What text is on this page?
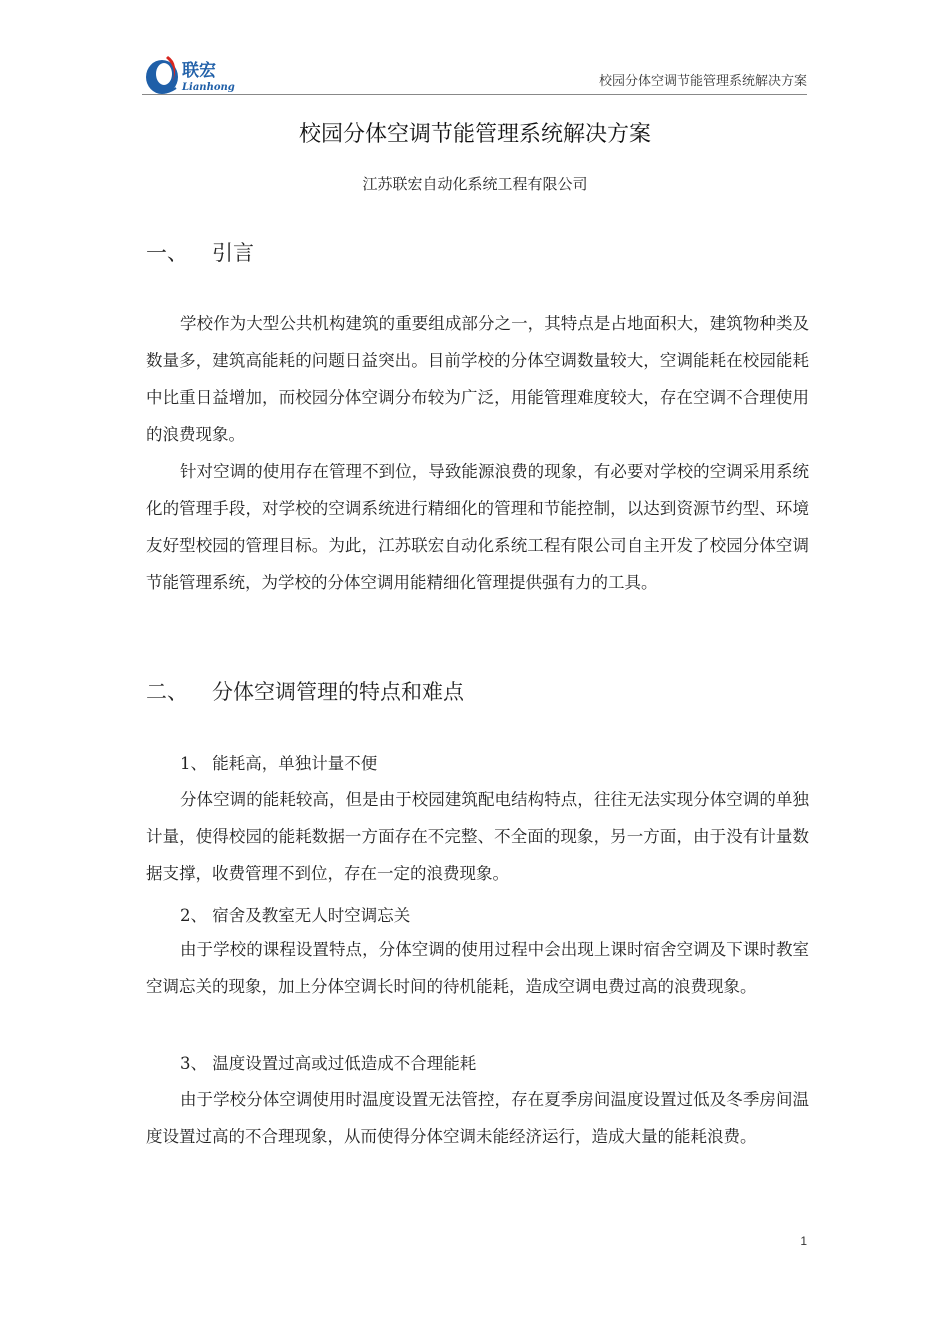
联宏
Lianhong	校园分体空调节能管理系统解决方案
校园分体空调节能管理系统解决方案
江苏联宏自动化系统工程有限公司
一、 引言

学校作为大型公共机构建筑的重要组成部分之一，其特点是占地面积大，建筑物种类及数量多，建筑高能耗的问题日益突出。目前学校的分体空调数量较大，空调能耗在校园能耗中比重日益增加，而校园分体空调分布较为广泛，用能管理难度较大，存在空调不合理使用的浪费现象。

针对空调的使用存在管理不到位，导致能源浪费的现象，有必要对学校的空调采用系统化的管理手段，对学校的空调系统进行精细化的管理和节能控制，以达到资源节约型、环境友好型校园的管理目标。为此，江苏联宏自动化系统工程有限公司自主开发了校园分体空调节能管理系统，为学校的分体空调用能精细化管理提供强有力的工具。

二、 分体空调管理的特点和难点
1、 能耗高，单独计量不便

分体空调的能耗较高，但是由于校园建筑配电结构特点，往往无法实现分体空调的单独计量，使得校园的能耗数据一方面存在不完整、不全面的现象，另一方面，由于没有计量数据支撑，收费管理不到位，存在一定的浪费现象。

2、 宿舍及教室无人时空调忘关

由于学校的课程设置特点，分体空调的使用过程中会出现上课时宿舍空调及下课时教室空调忘关的现象，加上分体空调长时间的待机能耗，造成空调电费过高的浪费现象。

3、 温度设置过高或过低造成不合理能耗

由于学校分体空调使用时温度设置无法管控，存在夏季房间温度设置过低及冬季房间温度设置过高的不合理现象，从而使得分体空调未能经济运行，造成大量的能耗浪费。

1
